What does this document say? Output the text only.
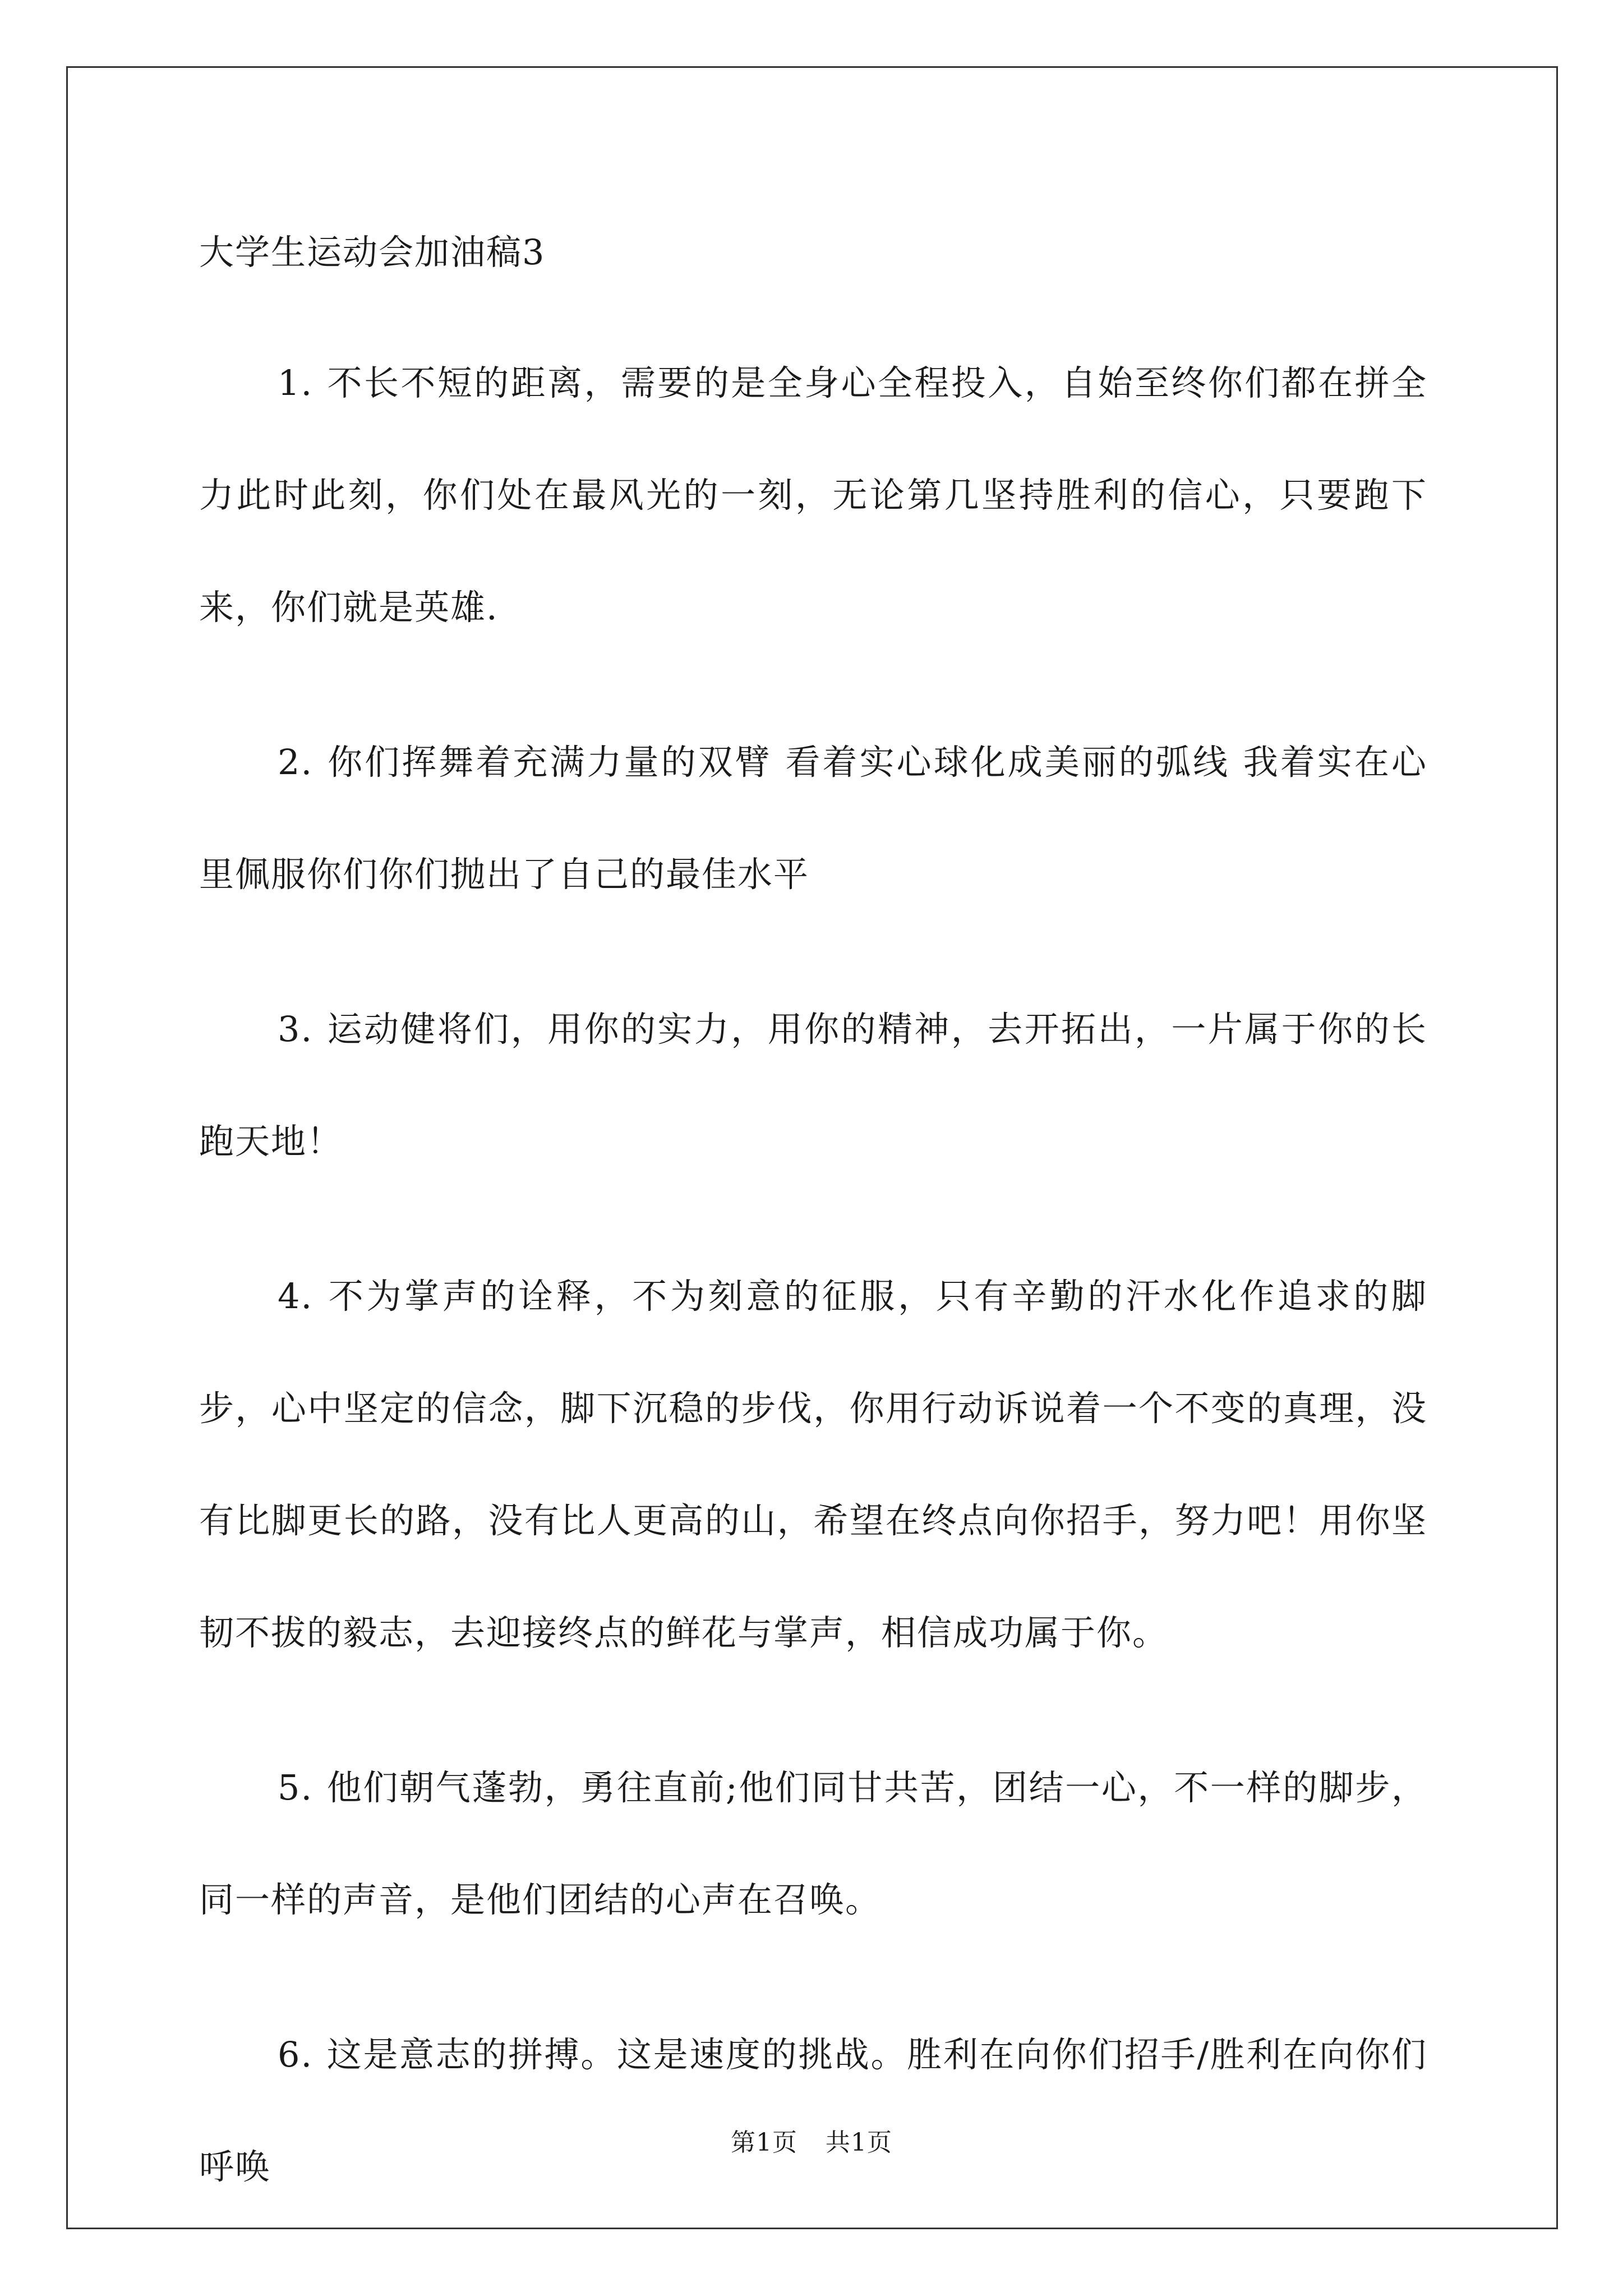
大学生运动会加油稿3

1. 不长不短的距离，需要的是全身心全程投入，自始至终你们都在拼全力此时此刻，你们处在最风光的一刻，无论第几坚持胜利的信心，只要跑下来，你们就是英雄.

2. 你们挥舞着充满力量的双臂 看着实心球化成美丽的弧线 我着实在心里佩服你们你们抛出了自己的最佳水平

3. 运动健将们，用你的实力，用你的精神，去开拓出，一片属于你的长跑天地！

4. 不为掌声的诠释，不为刻意的征服，只有辛勤的汗水化作追求的脚步，心中坚定的信念，脚下沉稳的步伐，你用行动诉说着一个不变的真理，没有比脚更长的路，没有比人更高的山，希望在终点向你招手，努力吧！用你坚韧不拔的毅志，去迎接终点的鲜花与掌声，相信成功属于你。

5. 他们朝气蓬勃，勇往直前;他们同甘共苦，团结一心，不一样的脚步，同一样的声音，是他们团结的心声在召唤。

6. 这是意志的拼搏。这是速度的挑战。胜利在向你们招手/胜利在向你们呼唤

第1页 共1页
